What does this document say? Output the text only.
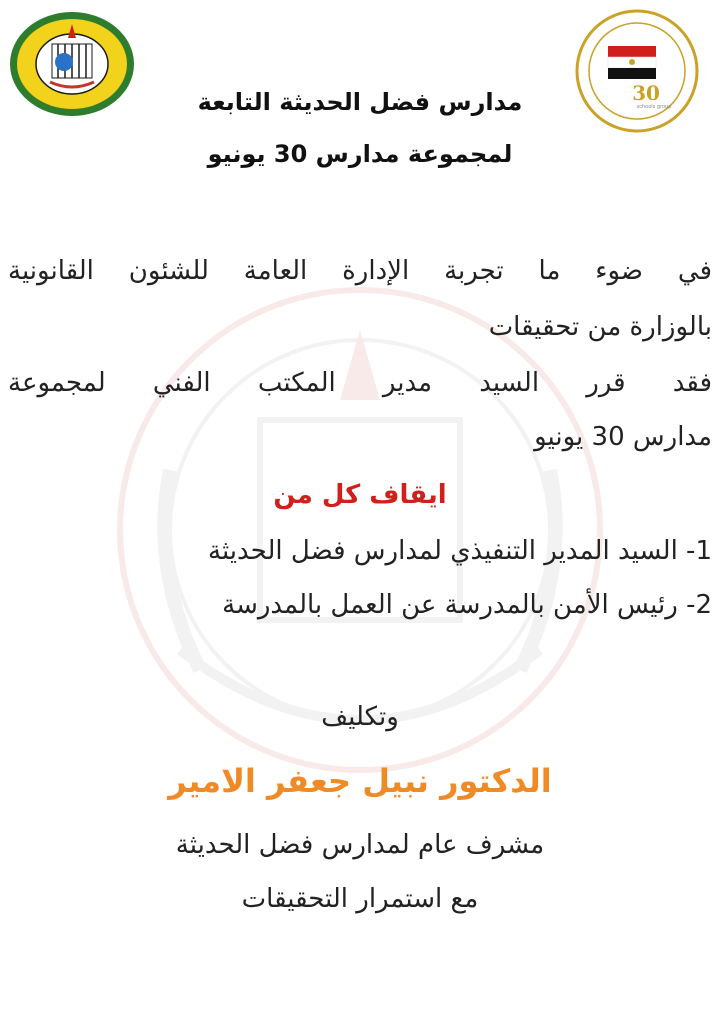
30
schools group
مدارس فضل الحديثة التابعة
لمجموعة مدارس 30 يونيو
في ضوء ما تجربة الإدارة العامة للشئون القانونية
بالوزارة من تحقيقات
فقد قرر السيد مدير المكتب الفني لمجموعة
مدارس 30 يونيو
ايقاف كل من
1- السيد المدير التنفيذي لمدارس فضل الحديثة
2- رئيس الأمن بالمدرسة عن العمل بالمدرسة
وتكليف
الدكتور نبيل جعفر الامير
مشرف عام لمدارس فضل الحديثة
مع استمرار التحقيقات
